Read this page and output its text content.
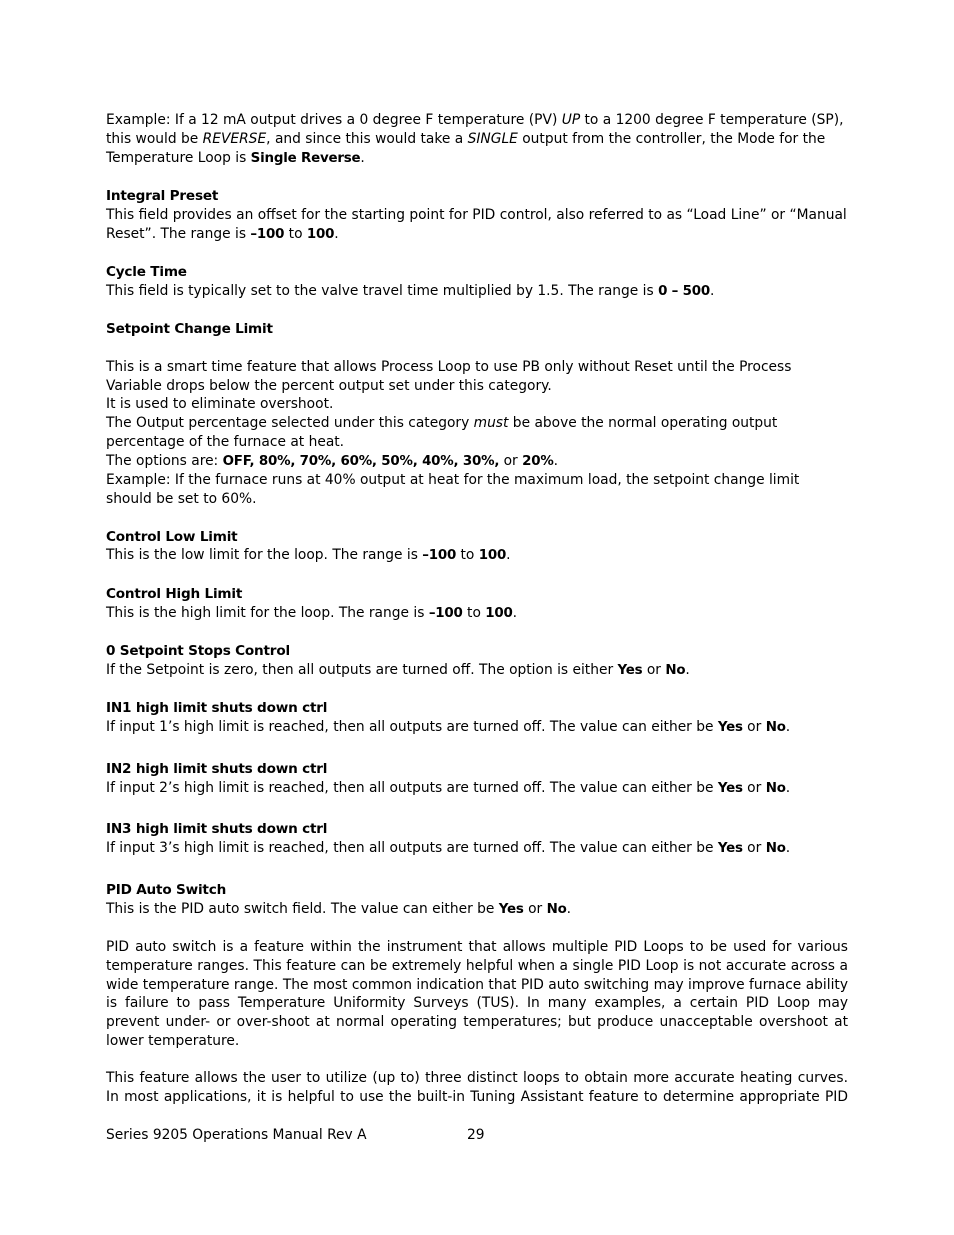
Example: If a 12 mA output drives a 0 degree F temperature (PV) UP to a 1200 degree F temperature (SP), this would be REVERSE, and since this would take a SINGLE output from the controller, the Mode for the Temperature Loop is Single Reverse.

Integral Preset

This field provides an offset for the starting point for PID control, also referred to as “Load Line” or “Manual Reset”. The range is –100 to 100.

Cycle Time

This field is typically set to the valve travel time multiplied by 1.5. The range is 0 – 500.

Setpoint Change Limit

This is a smart time feature that allows Process Loop to use PB only without Reset until the Process Variable drops below the percent output set under this category.

It is used to eliminate overshoot.

The Output percentage selected under this category must be above the normal operating output percentage of the furnace at heat.

The options are: OFF, 80%, 70%, 60%, 50%, 40%, 30%, or 20%.

Example: If the furnace runs at 40% output at heat for the maximum load, the setpoint change limit should be set to 60%.

Control Low Limit

This is the low limit for the loop. The range is –100 to 100.

Control High Limit

This is the high limit for the loop. The range is –100 to 100.

0 Setpoint Stops Control

If the Setpoint is zero, then all outputs are turned off. The option is either Yes or No.

IN1 high limit shuts down ctrl

If input 1’s high limit is reached, then all outputs are turned off. The value can either be Yes or No.

IN2 high limit shuts down ctrl

If input 2’s high limit is reached, then all outputs are turned off. The value can either be Yes or No.

IN3 high limit shuts down ctrl

If input 3’s high limit is reached, then all outputs are turned off. The value can either be Yes or No.

PID Auto Switch

This is the PID auto switch field. The value can either be Yes or No.

PID auto switch is a feature within the instrument that allows multiple PID Loops to be used for various temperature ranges. This feature can be extremely helpful when a single PID Loop is not accurate across a wide temperature range. The most common indication that PID auto switching may improve furnace ability is failure to pass Temperature Uniformity Surveys (TUS). In many examples, a certain PID Loop may prevent under- or over-shoot at normal operating temperatures; but produce unacceptable overshoot at lower temperature.

This feature allows the user to utilize (up to) three distinct loops to obtain more accurate heating curves. In most applications, it is helpful to use the built-in Tuning Assistant feature to determine appropriate PID

Series 9205 Operations Manual Rev A	29
